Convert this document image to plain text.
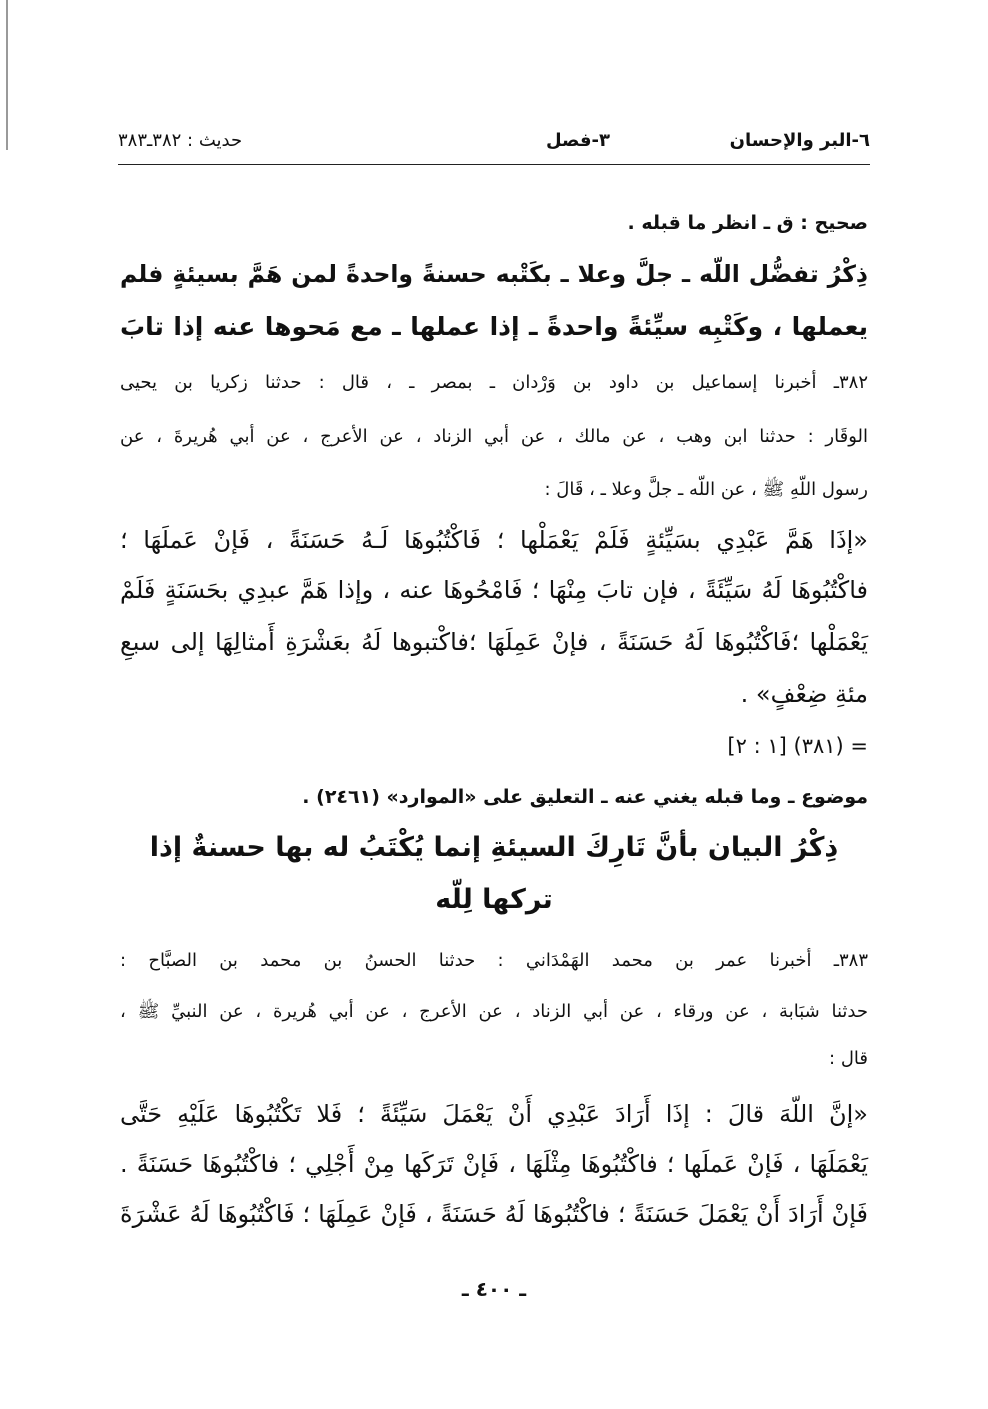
٦-البر والإحسان
٣-فصل
حديث : ٣٨٢ـ٣٨٣
صحيح : ق ـ انظر ما قبله .
ذِكْرُ تفضُّل اللّه ـ جلَّ وعلا ـ بكَتْبه حسنةً واحدةً لمن هَمَّ بسيئةٍ فلم
يعملها ، وكَتْبِه سيِّئةً واحدةً ـ إذا عملها ـ مع مَحوها عنه إذا تابَ
٣٨٢ـ أخبرنا إسماعيل بن داود بن وَرْدان ـ بمصر ـ ، قال : حدثنا زكريا بن يحيى
الوقَار : حدثنا ابن وهب ، عن مالك ، عن أبي الزناد ، عن الأعرج ، عن أبي هُريرةَ ، عن
رسول اللّهِ ﷺ ، عن اللّه ـ جلَّ وعلا ـ ، قَالَ :
«إذَا هَمَّ عَبْدِي بسَيِّئةٍ فَلَمْ يَعْمَلْها ؛ فَاكْتُبُوهَا لَـهُ حَسَنَةً ، فَإنْ عَملَهَا ؛
فاكْتُبُوهَا لَهُ سَيِّئَةً ، فإن تابَ مِنْهَا ؛ فَامْحُوهَا عنه ، وإذا هَمَّ عبدِي بحَسَنَةٍ فَلَمْ
يَعْمَلْها ؛فَاكْتُبُوهَا لَهُ حَسَنَةً ، فإنْ عَمِلَهَا ؛فاكْتبوها لَهُ بعَشْرَةِ أَمثالِهَا إلى سبعِ
مئةِ ضِعْفٍ» .
= (٣٨١) [١ : ٢]
موضوع ـ وما قبله يغني عنه ـ التعليق على «الموارد» (٢٤٦١) .
ذِكْرُ البيان بأنَّ تَارِكَ السيئةِ إنما يُكْتَبُ له بها حسنةٌ إذا
تركها لِلّه
٣٨٣ـ أخبرنا عمر بن محمد الهَمْدَاني : حدثنا الحسنُ بن محمد بن الصبَّاح :
حدثنا شبَابة ، عن ورقاء ، عن أبي الزناد ، عن الأعرج ، عن أبي هُريرة ، عن النبيِّ ﷺ ،
قال :
«إنَّ اللّهَ قالَ : إذَا أَرَادَ عَبْدِي أَنْ يَعْمَلَ سَيِّئَةً ؛ فَلا تَكْتُبُوهَا عَلَيْهِ حَتَّى
يَعْمَلَهَا ، فَإنْ عَملَها ؛ فاكْتُبُوهَا مِثْلَهَا ، فَإنْ تَرَكَها مِنْ أَجْلِي ؛ فاكْتُبُوهَا حَسَنَةً .
فَإنْ أَرَادَ أَنْ يَعْمَلَ حَسَنَةً ؛ فاكْتُبُوهَا لَهُ حَسَنَةً ، فَإنْ عَمِلَهَا ؛ فَاكْتُبُوهَا لَهُ عَشْرَةَ
ـ ٤٠٠ ـ
